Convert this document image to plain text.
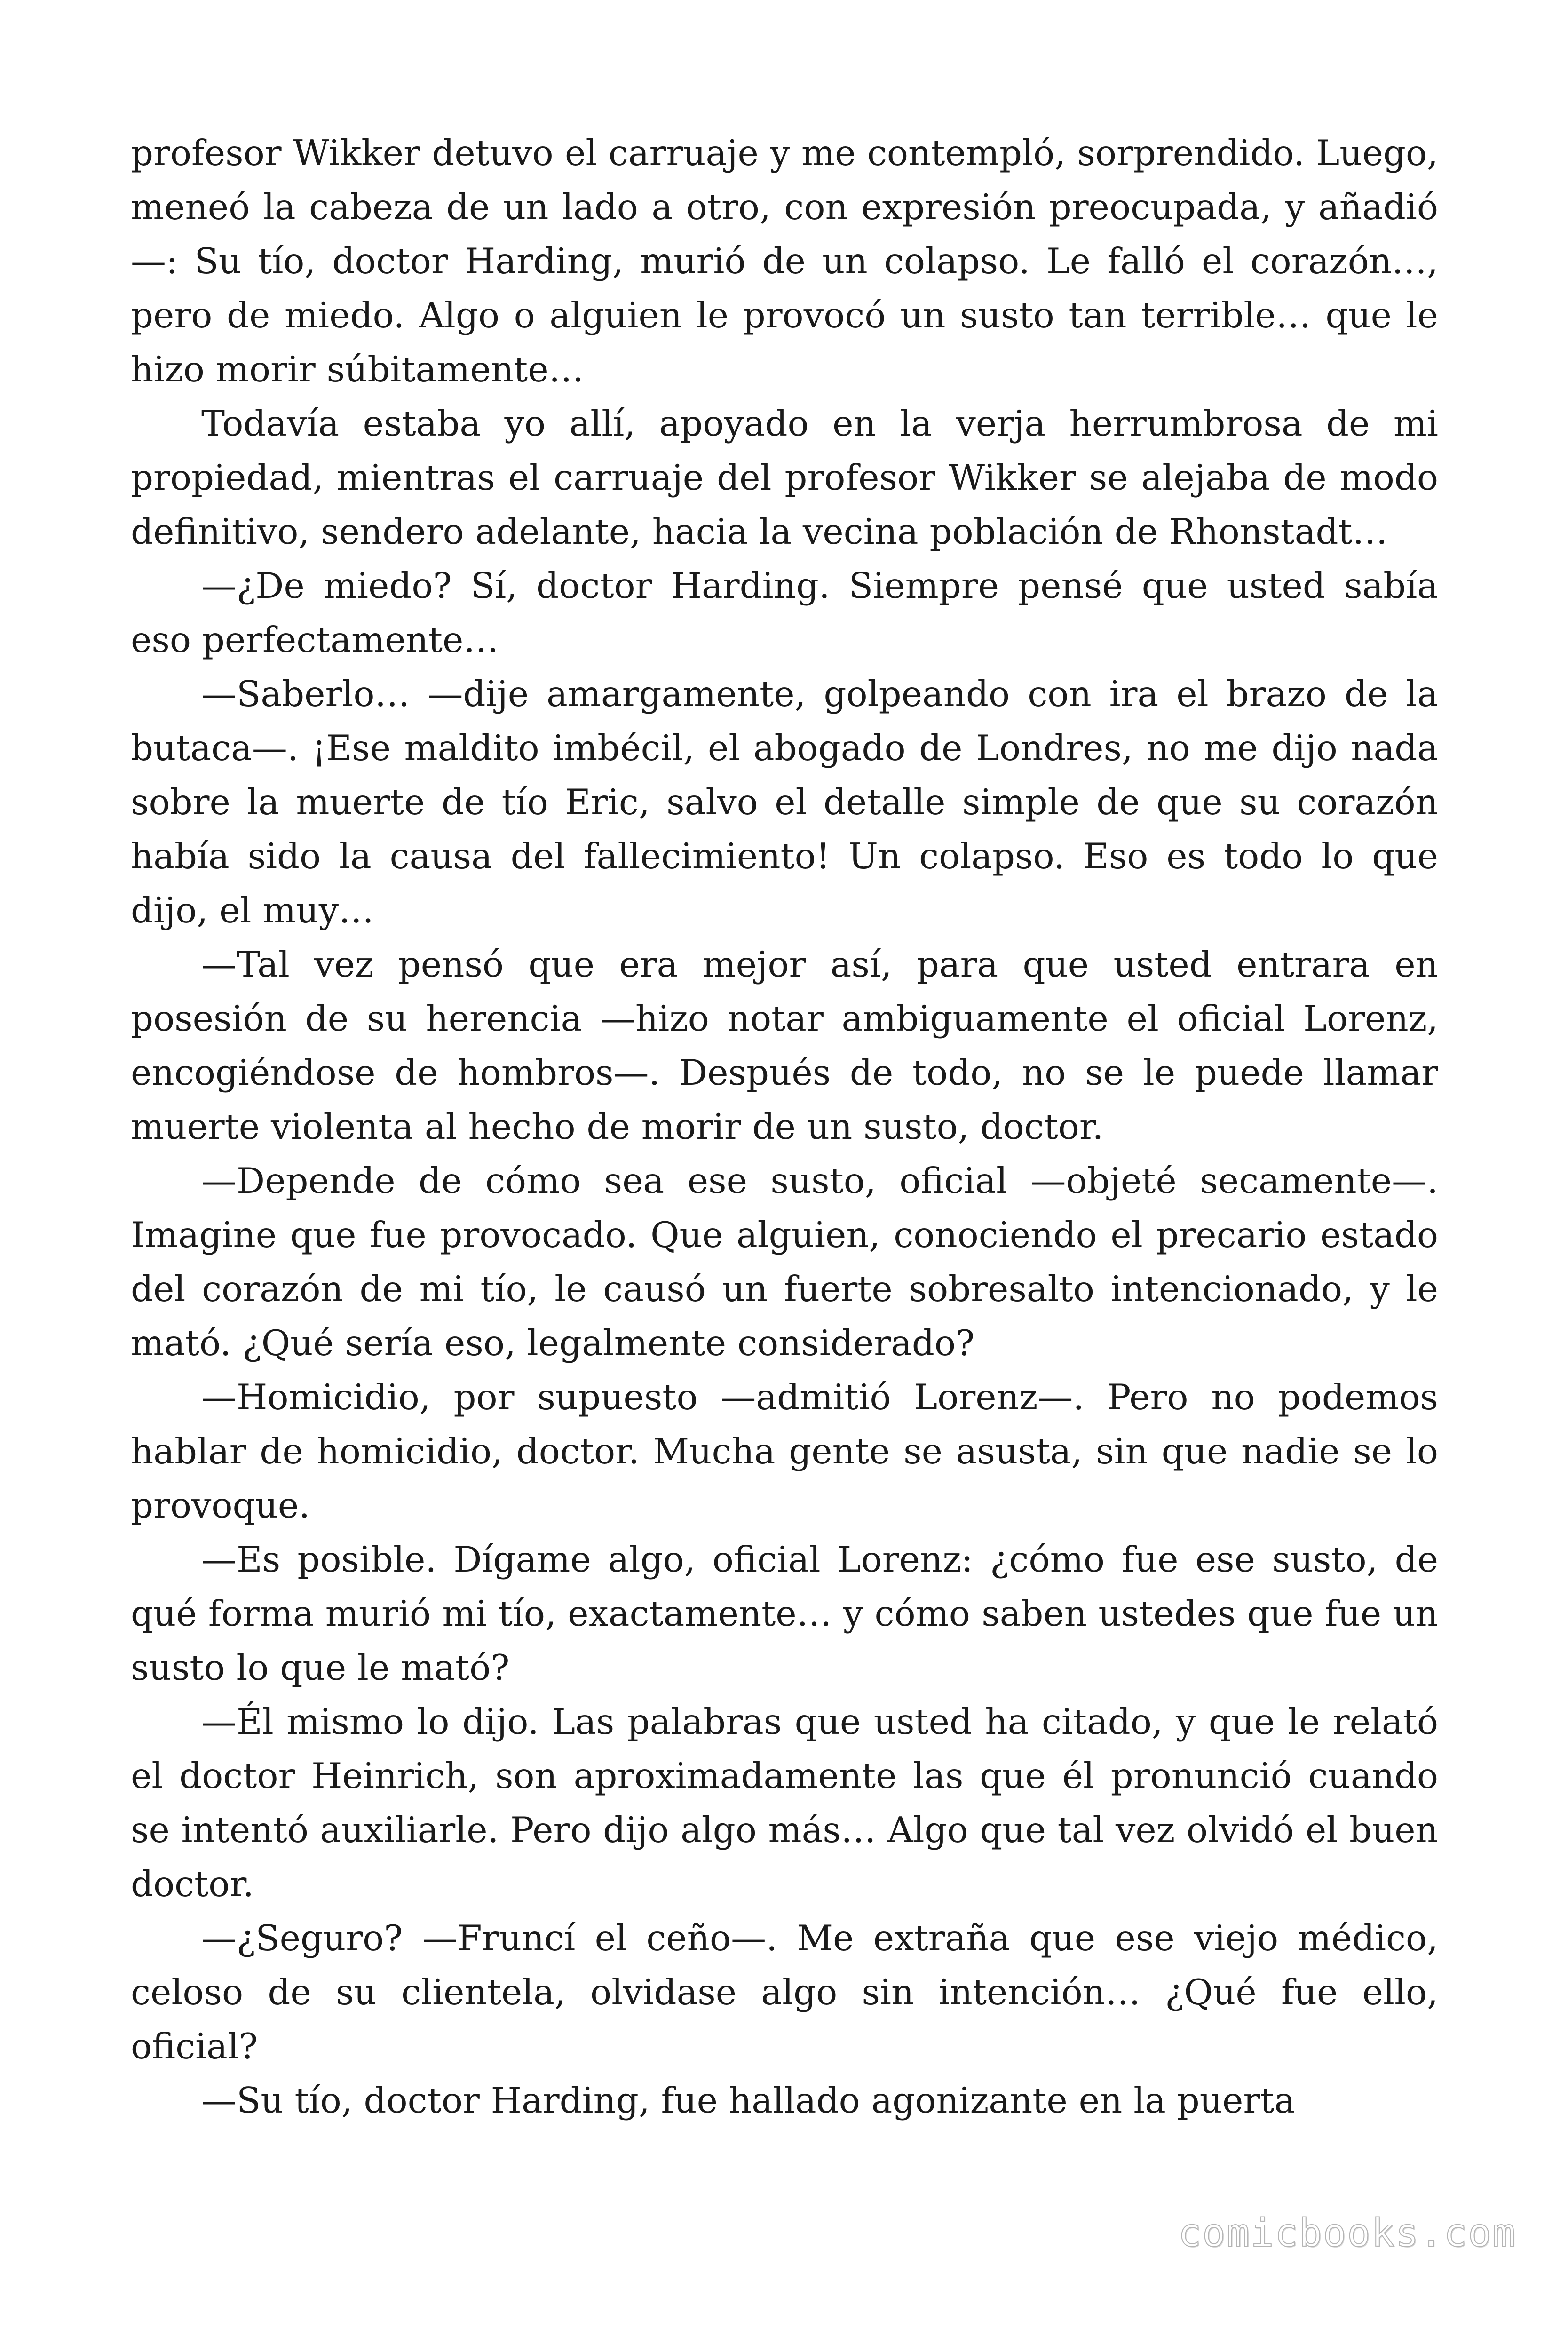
profesor Wikker detuvo el carruaje y me contempló, sorprendido. Luego, meneó la cabeza de un lado a otro, con expresión preocupada, y añadió—: Su tío, doctor Harding, murió de un colapso. Le falló el corazón…, pero de miedo. Algo o alguien le provocó un susto tan terrible… que le hizo morir súbitamente…

Todavía estaba yo allí, apoyado en la verja herrumbrosa de mi propiedad, mientras el carruaje del profesor Wikker se alejaba de modo definitivo, sendero adelante, hacia la vecina población de Rhonstadt…

—¿De miedo? Sí, doctor Harding. Siempre pensé que usted sabía eso perfectamente…

—Saberlo… —dije amargamente, golpeando con ira el brazo de la butaca—. ¡Ese maldito imbécil, el abogado de Londres, no me dijo nada sobre la muerte de tío Eric, salvo el detalle simple de que su corazón había sido la causa del fallecimiento! Un colapso. Eso es todo lo que dijo, el muy…

—Tal vez pensó que era mejor así, para que usted entrara en posesión de su herencia —hizo notar ambiguamente el oficial Lorenz, encogiéndose de hombros—. Después de todo, no se le puede llamar muerte violenta al hecho de morir de un susto, doctor.

—Depende de cómo sea ese susto, oficial —objeté secamente—. Imagine que fue provocado. Que alguien, conociendo el precario estado del corazón de mi tío, le causó un fuerte sobresalto intencionado, y le mató. ¿Qué sería eso, legalmente considerado?

—Homicidio, por supuesto —admitió Lorenz—. Pero no podemos hablar de homicidio, doctor. Mucha gente se asusta, sin que nadie se lo provoque.

—Es posible. Dígame algo, oficial Lorenz: ¿cómo fue ese susto, de qué forma murió mi tío, exactamente… y cómo saben ustedes que fue un susto lo que le mató?

—Él mismo lo dijo. Las palabras que usted ha citado, y que le relató el doctor Heinrich, son aproximadamente las que él pronunció cuando se intentó auxiliarle. Pero dijo algo más… Algo que tal vez olvidó el buen doctor.

—¿Seguro? —Fruncí el ceño—. Me extraña que ese viejo médico, celoso de su clientela, olvidase algo sin intención… ¿Qué fue ello, oficial?

—Su tío, doctor Harding, fue hallado agonizante en la puerta

comicbooks.com
